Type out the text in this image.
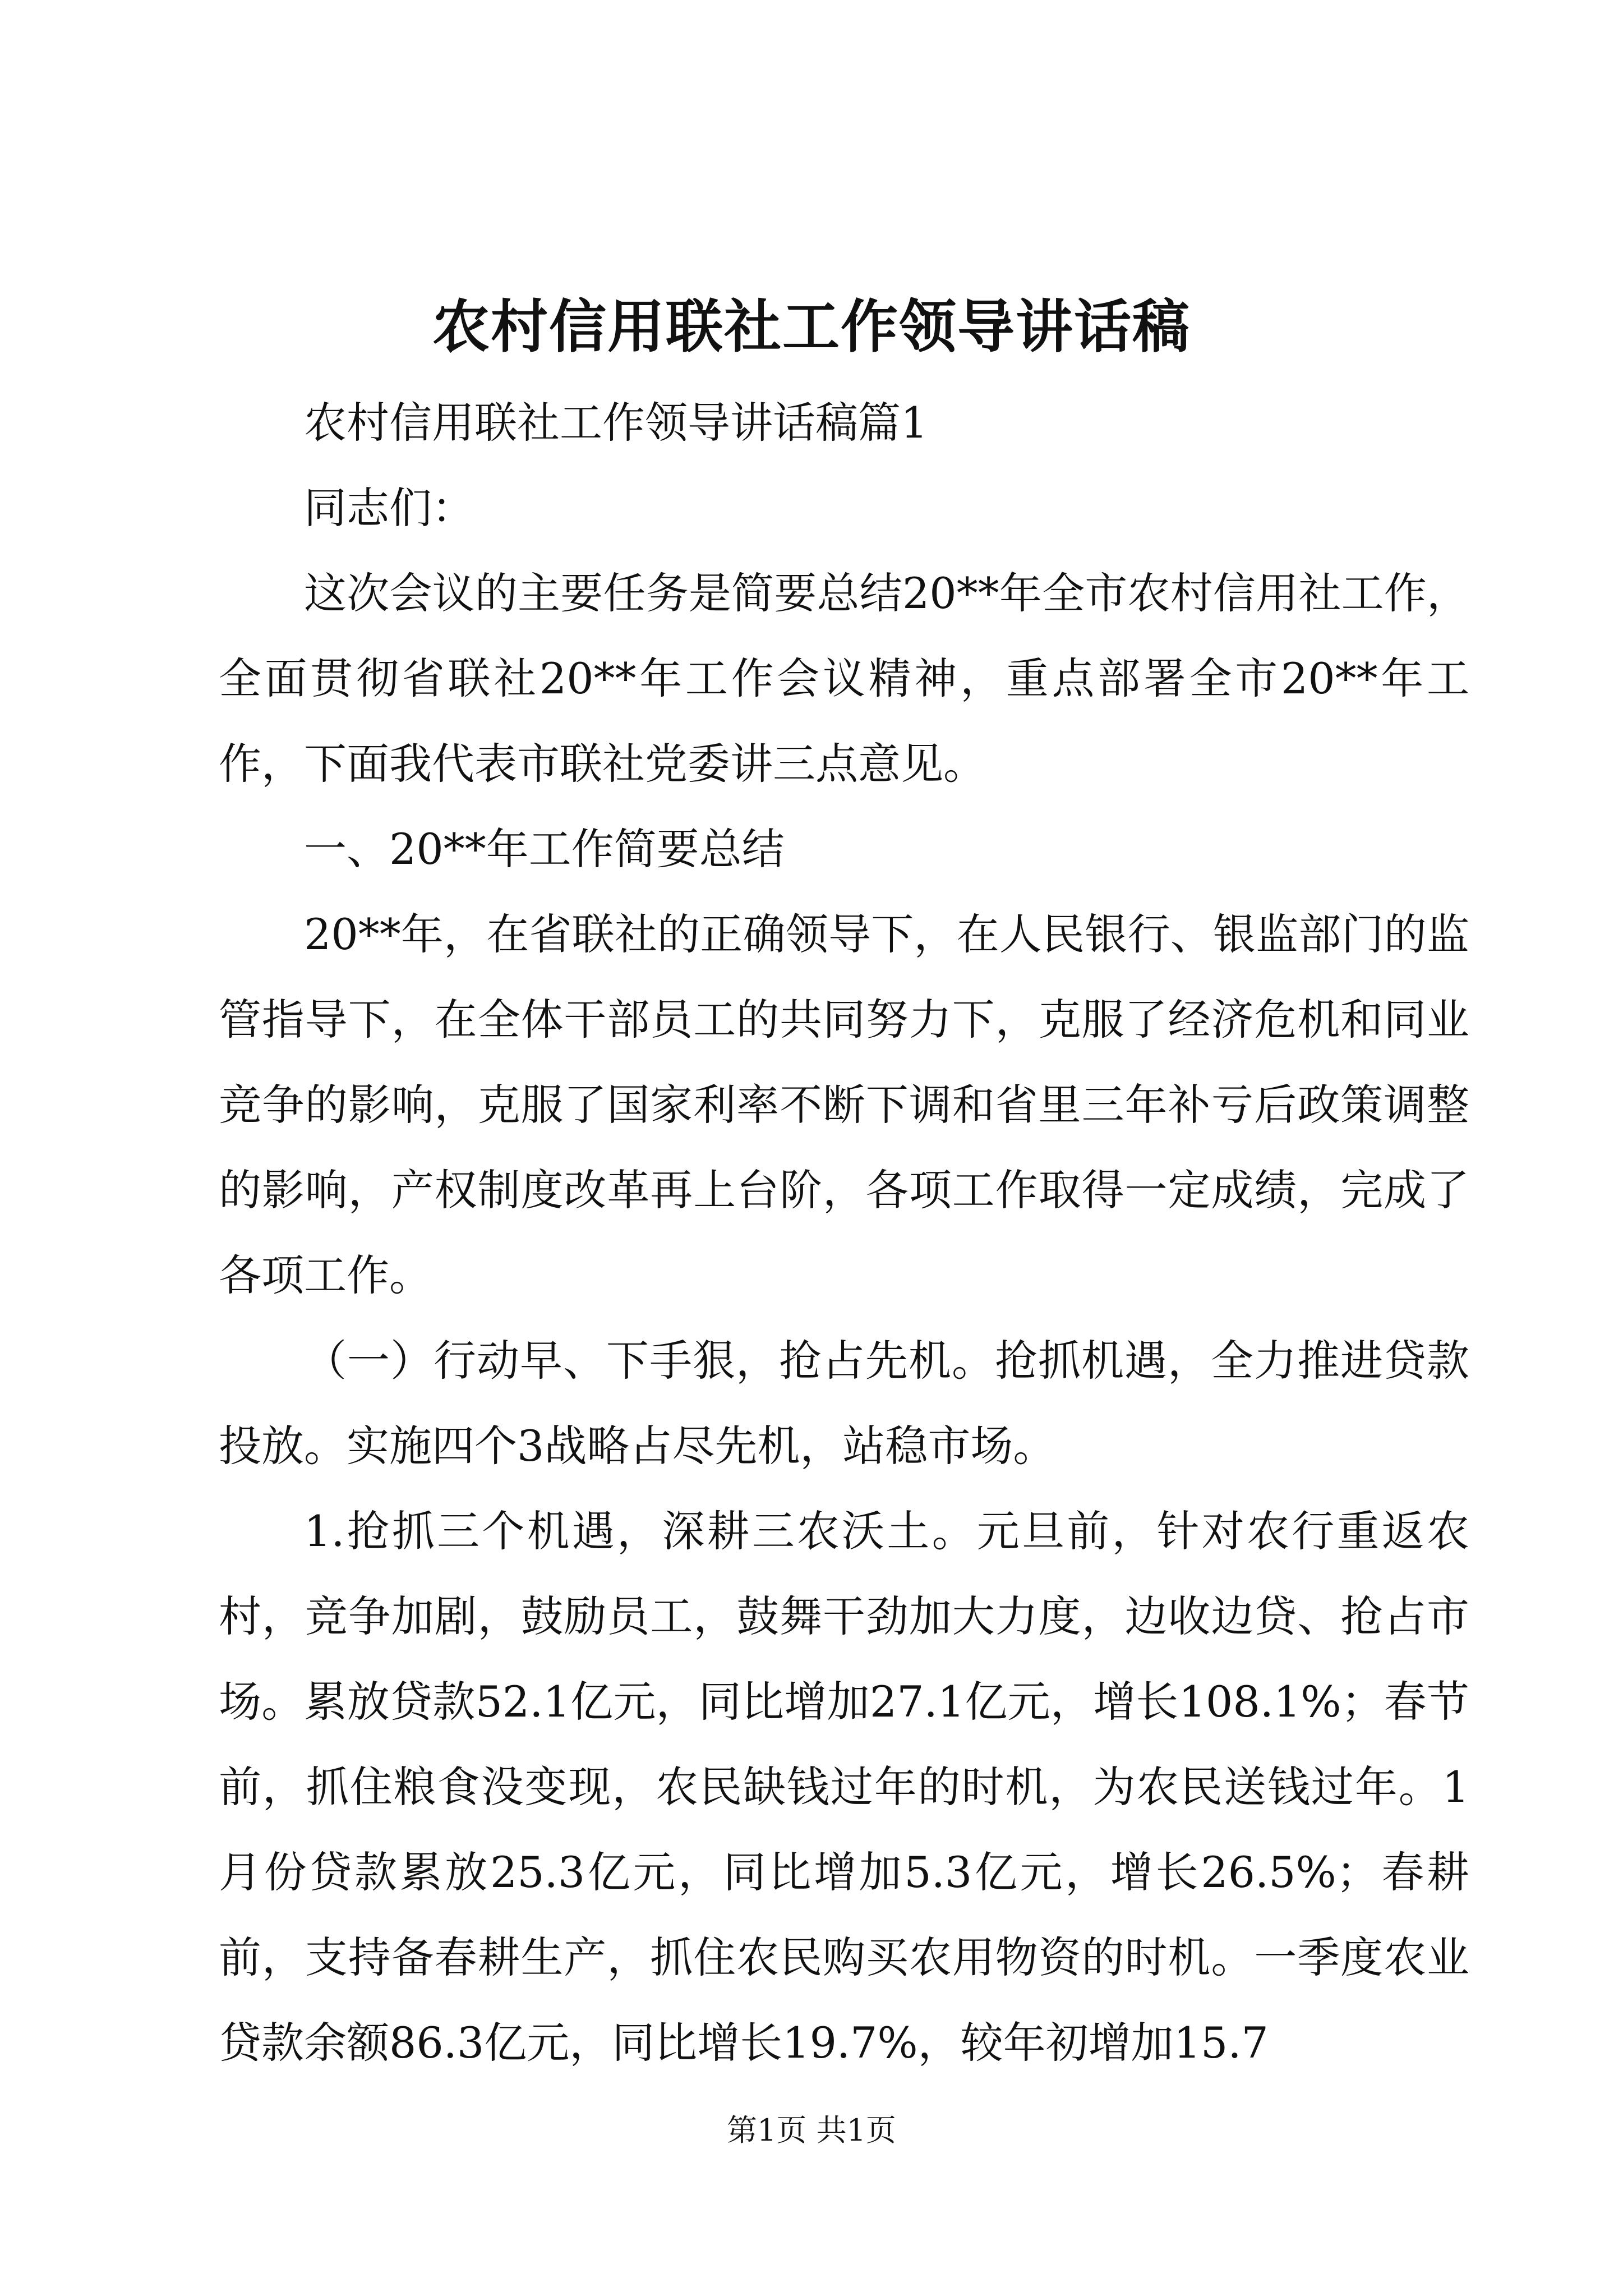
农村信用联社工作领导讲话稿

农村信用联社工作领导讲话稿篇1

同志们：

这次会议的主要任务是简要总结20**年全市农村信用社工作，全面贯彻省联社20**年工作会议精神，重点部署全市20**年工作，下面我代表市联社党委讲三点意见。

一、20**年工作简要总结

20**年，在省联社的正确领导下，在人民银行、银监部门的监管指导下，在全体干部员工的共同努力下，克服了经济危机和同业竞争的影响，克服了国家利率不断下调和省里三年补亏后政策调整的影响，产权制度改革再上台阶，各项工作取得一定成绩，完成了各项工作。

（一）行动早、下手狠，抢占先机。抢抓机遇，全力推进贷款投放。实施四个3战略占尽先机，站稳市场。

1.抢抓三个机遇，深耕三农沃土。元旦前，针对农行重返农村，竞争加剧，鼓励员工，鼓舞干劲加大力度，边收边贷、抢占市场。累放贷款52.1亿元，同比增加27.1亿元，增长108.1%；春节前，抓住粮食没变现，农民缺钱过年的时机，为农民送钱过年。1月份贷款累放25.3亿元，同比增加5.3亿元，增长26.5%；春耕前，支持备春耕生产，抓住农民购买农用物资的时机。一季度农业贷款余额86.3亿元，同比增长19.7%，较年初增加15.7

第1页 共1页
